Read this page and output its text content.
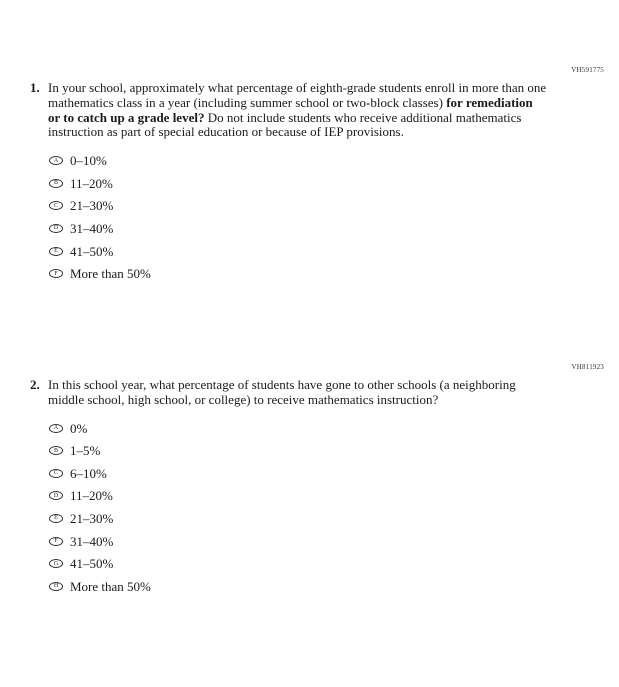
VH591775
1. In your school, approximately what percentage of eighth-grade students enroll in more than one mathematics class in a year (including summer school or two-block classes) for remediation or to catch up a grade level? Do not include students who receive additional mathematics instruction as part of special education or because of IEP provisions.
A 0–10%
B 11–20%
C 21–30%
D 31–40%
E 41–50%
F More than 50%
VH811923
2. In this school year, what percentage of students have gone to other schools (a neighboring middle school, high school, or college) to receive mathematics instruction?
A 0%
B 1–5%
C 6–10%
D 11–20%
E 21–30%
F 31–40%
G 41–50%
H More than 50%
